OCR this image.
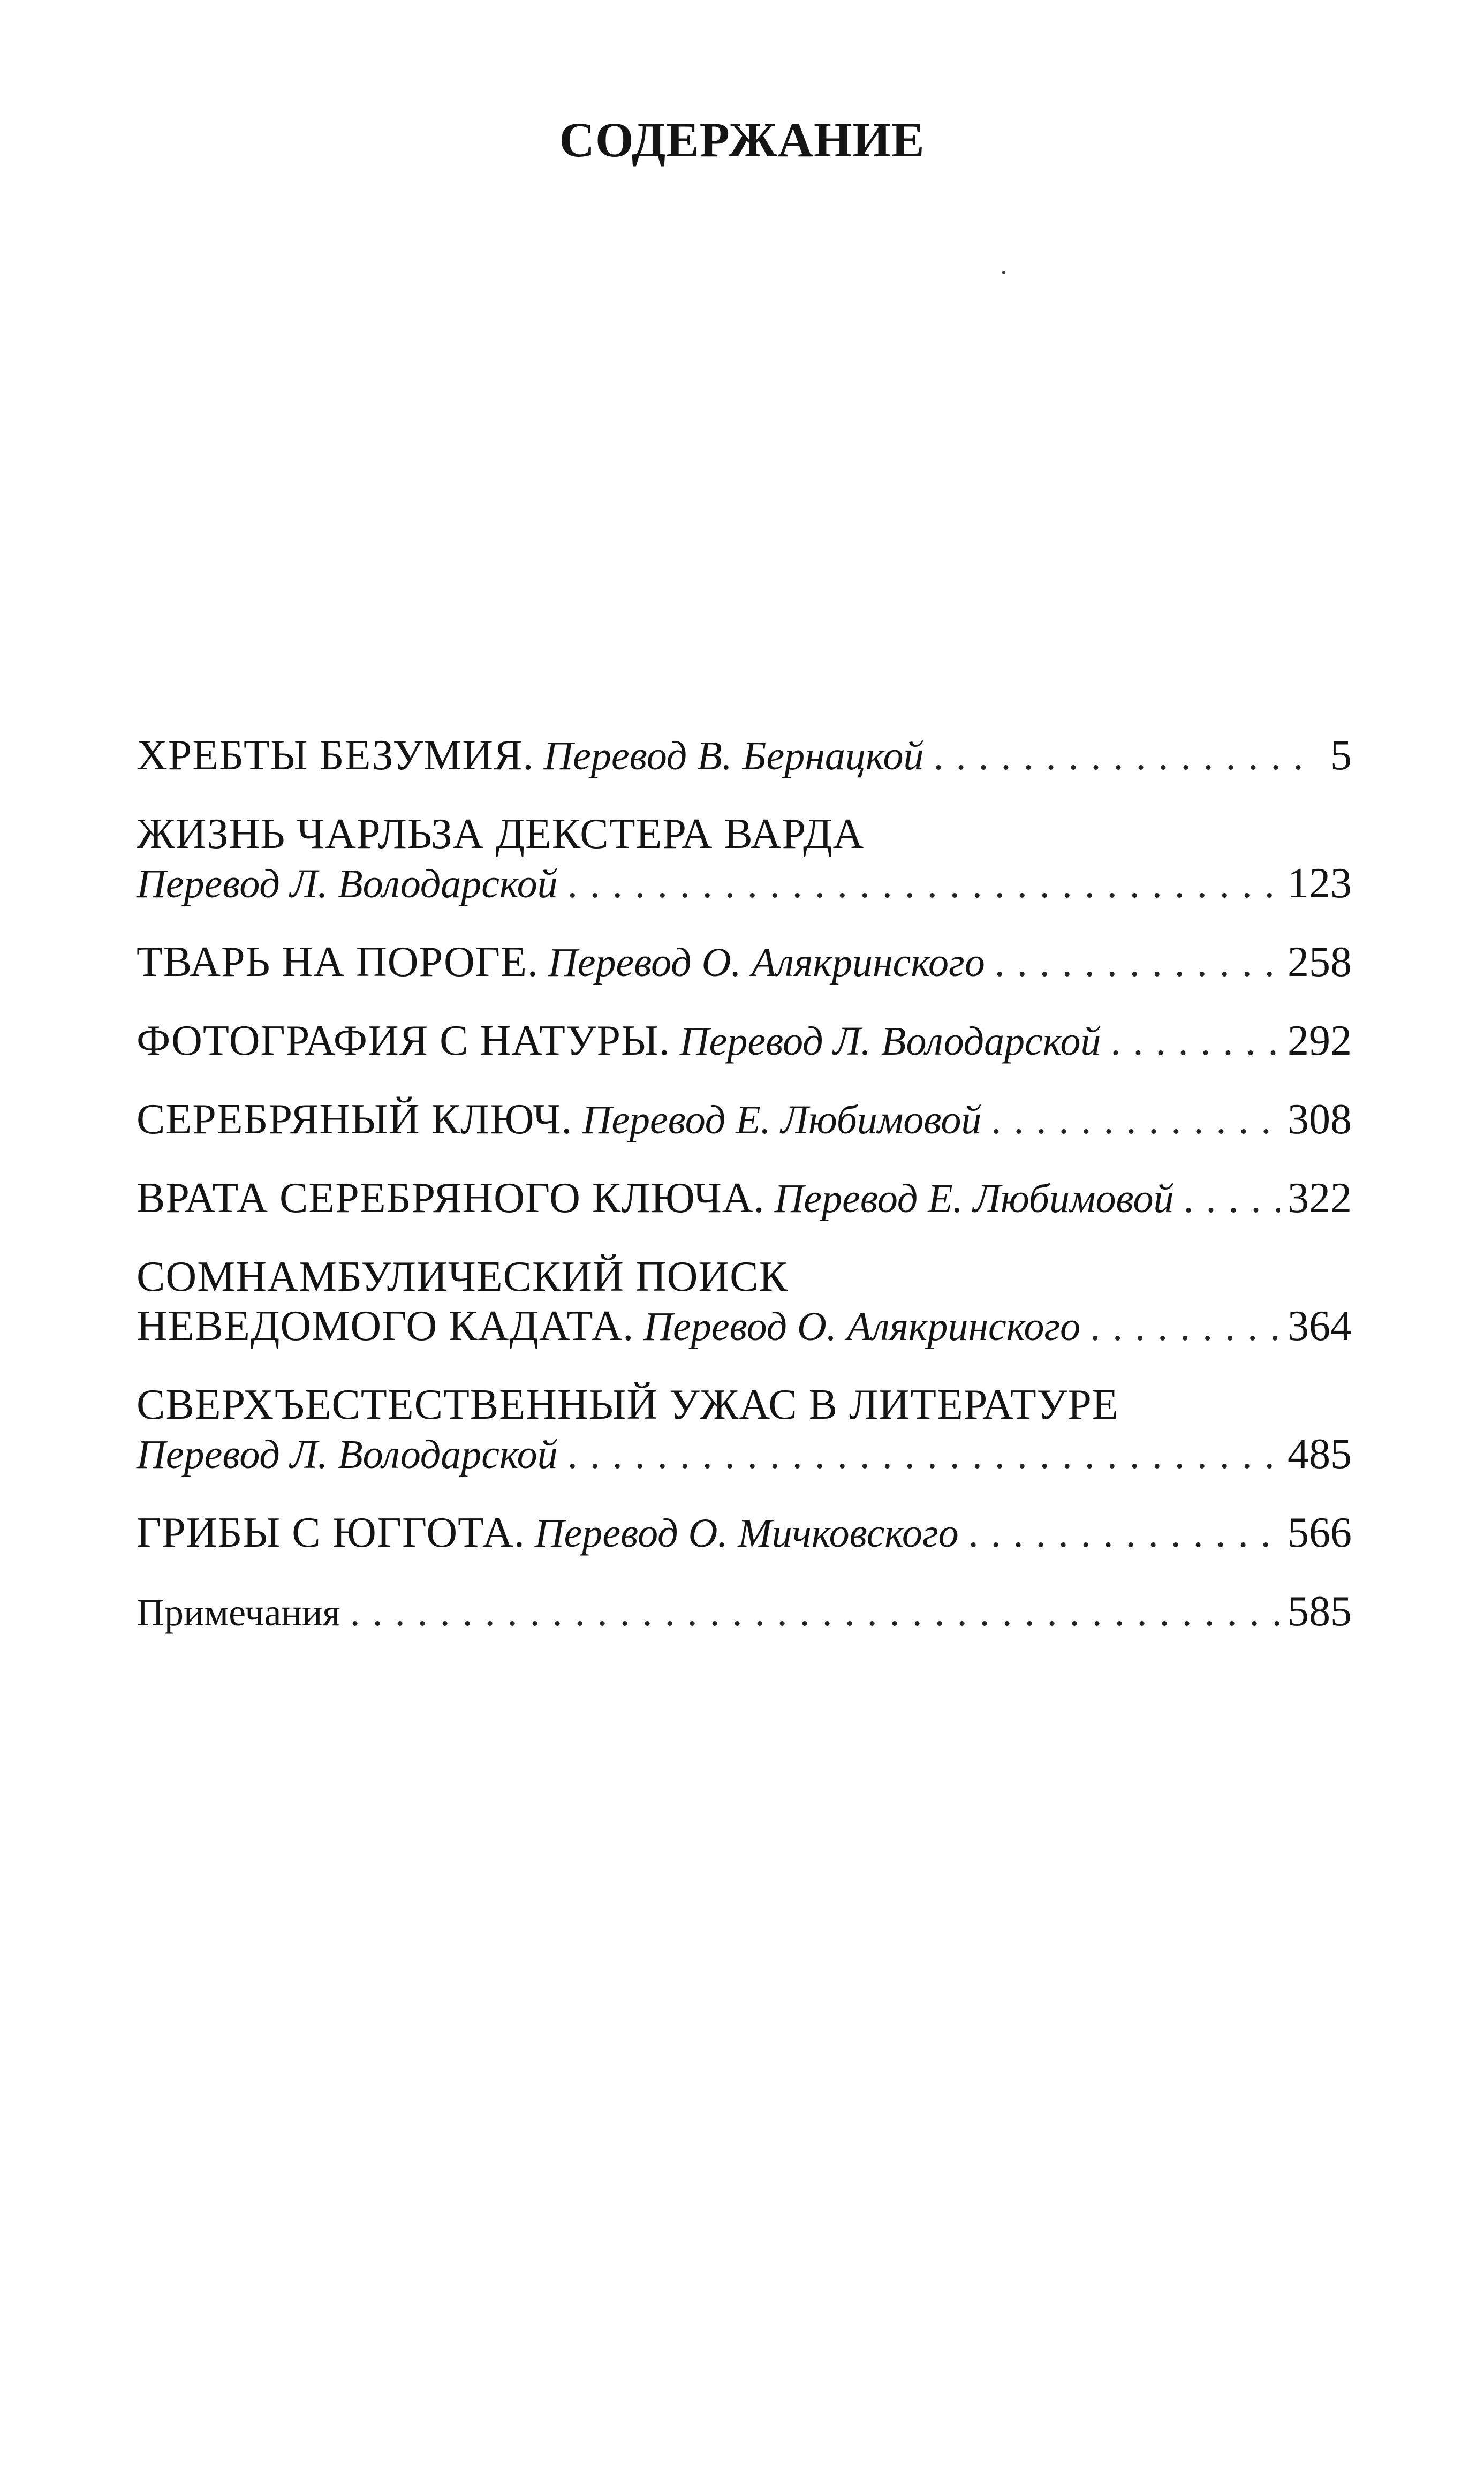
СОДЕРЖАНИЕ
ХРЕБТЫ БЕЗУМИЯ. Перевод В. Бернацкой . . .	5
ЖИЗНЬ ЧАРЛЬЗА ДЕКСТЕРА ВАРДА
Перевод Л. Володарской . . .	123
ТВАРЬ НА ПОРОГЕ. Перевод О. Алякринского . . .	258
ФОТОГРАФИЯ С НАТУРЫ. Перевод Л. Володарской . . .	292
СЕРЕБРЯНЫЙ КЛЮЧ. Перевод Е. Любимовой . . .	308
ВРАТА СЕРЕБРЯНОГО КЛЮЧА. Перевод Е. Любимовой . . .	322
СОМНАМБУЛИЧЕСКИЙ ПОИСК
НЕВЕДОМОГО КАДАТА. Перевод О. Алякринского . . .	364
СВЕРХЪЕСТЕСТВЕННЫЙ УЖАС В ЛИТЕРАТУРЕ
Перевод Л. Володарской . . .	485
ГРИБЫ С ЮГГОТА. Перевод О. Мичковского . . .	566
Примечания . . .	585
